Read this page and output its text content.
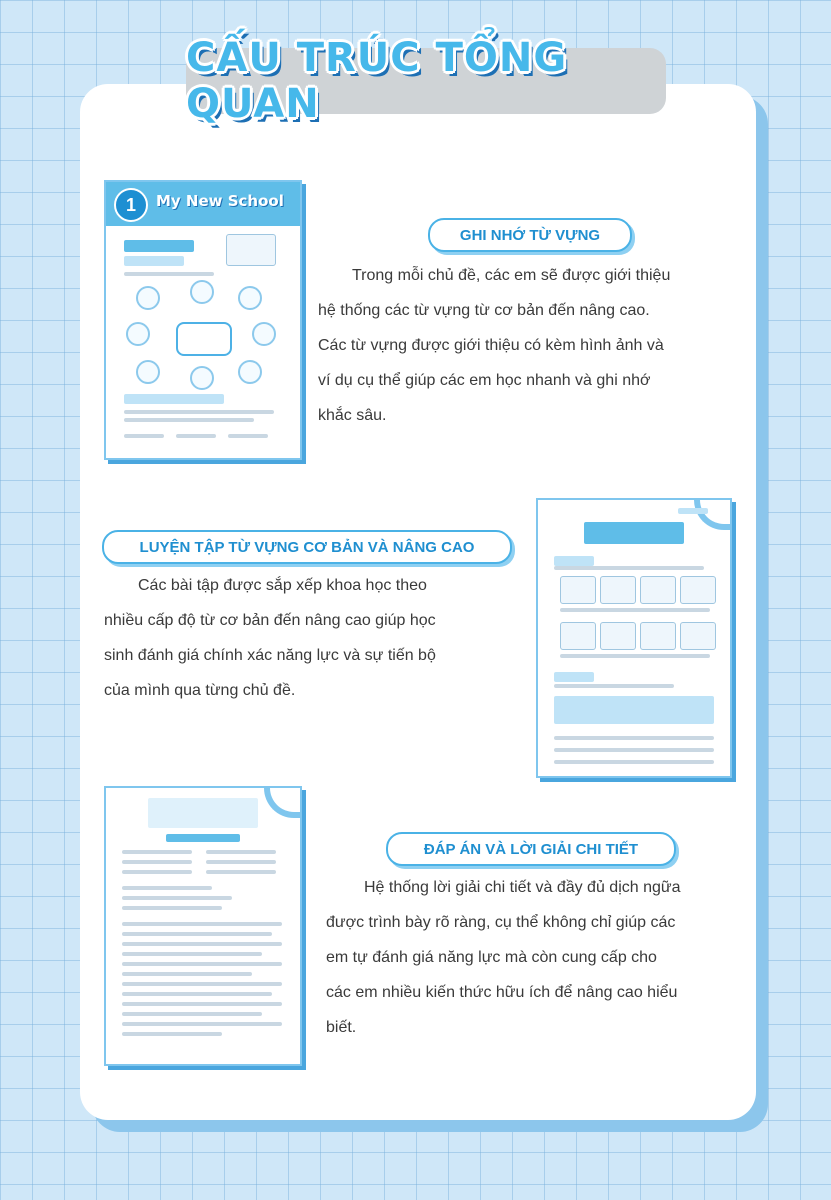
CẤU TRÚC TỔNG QUAN
1	My New School
GHI NHỚ TỪ VỰNG

Trong mỗi chủ đề, các em sẽ được giới thiệu

hệ thống các từ vựng từ cơ bản đến nâng cao.

Các từ vựng được giới thiệu có kèm hình ảnh và

ví dụ cụ thể giúp các em học nhanh và ghi nhớ

khắc sâu.

LUYỆN TẬP TỪ VỰNG CƠ BẢN VÀ NÂNG CAO

Các bài tập được sắp xếp khoa học theo

nhiều cấp độ từ cơ bản đến nâng cao giúp học

sinh đánh giá chính xác năng lực và sự tiến bộ

của mình qua từng chủ đề.

ĐÁP ÁN VÀ LỜI GIẢI CHI TIẾT

Hệ thống lời giải chi tiết và đầy đủ dịch ngữa

được trình bày rõ ràng, cụ thể không chỉ giúp các

em tự đánh giá năng lực mà còn cung cấp cho

các em nhiều kiến thức hữu ích để nâng cao hiểu

biết.
